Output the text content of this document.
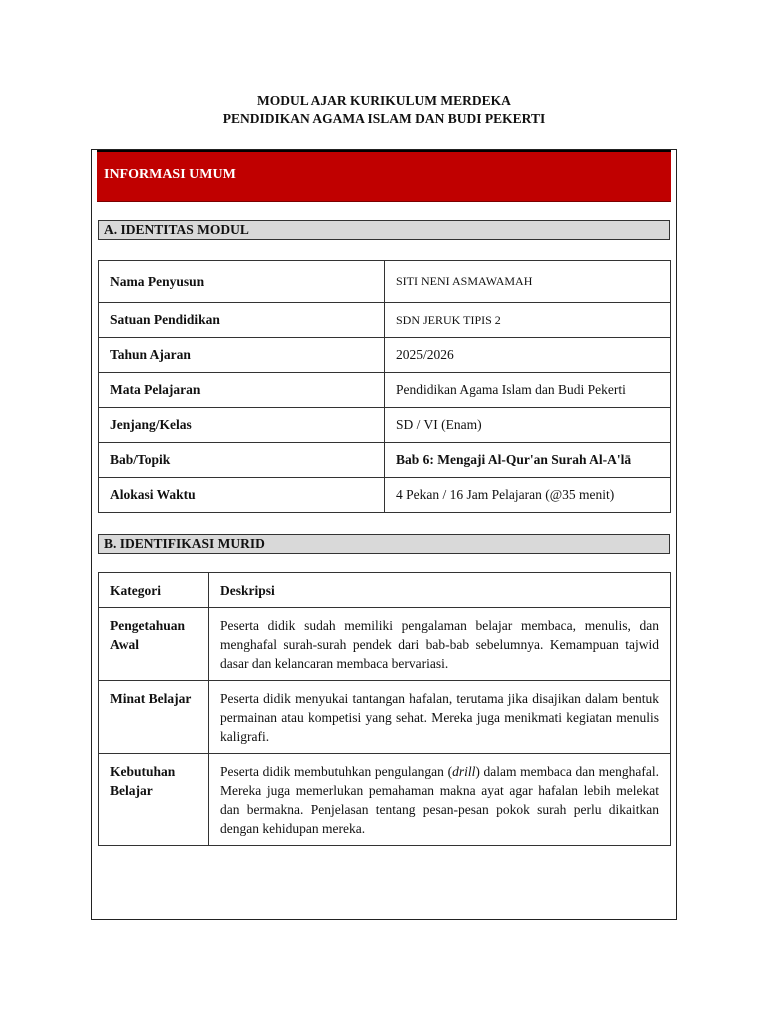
MODUL AJAR KURIKULUM MERDEKA
PENDIDIKAN AGAMA ISLAM DAN BUDI PEKERTI
INFORMASI UMUM
A. IDENTITAS MODUL
Nama Penyusun	SITI NENI ASMAWAMAH
Satuan Pendidikan	SDN JERUK TIPIS 2
Tahun Ajaran	2025/2026
Mata Pelajaran	Pendidikan Agama Islam dan Budi Pekerti
Jenjang/Kelas	SD / VI (Enam)
Bab/Topik	Bab 6: Mengaji Al-Qur'an Surah Al-A'lā
Alokasi Waktu	4 Pekan / 16 Jam Pelajaran (@35 menit)
B. IDENTIFIKASI MURID
Kategori	Deskripsi
Pengetahuan Awal	Peserta didik sudah memiliki pengalaman belajar membaca, menulis, dan menghafal surah-surah pendek dari bab-bab sebelumnya. Kemampuan tajwid dasar dan kelancaran membaca bervariasi.
Minat Belajar	Peserta didik menyukai tantangan hafalan, terutama jika disajikan dalam bentuk permainan atau kompetisi yang sehat. Mereka juga menikmati kegiatan menulis kaligrafi.
Kebutuhan Belajar	Peserta didik membutuhkan pengulangan (drill) dalam membaca dan menghafal. Mereka juga memerlukan pemahaman makna ayat agar hafalan lebih melekat dan bermakna. Penjelasan tentang pesan-pesan pokok surah perlu dikaitkan dengan kehidupan mereka.
